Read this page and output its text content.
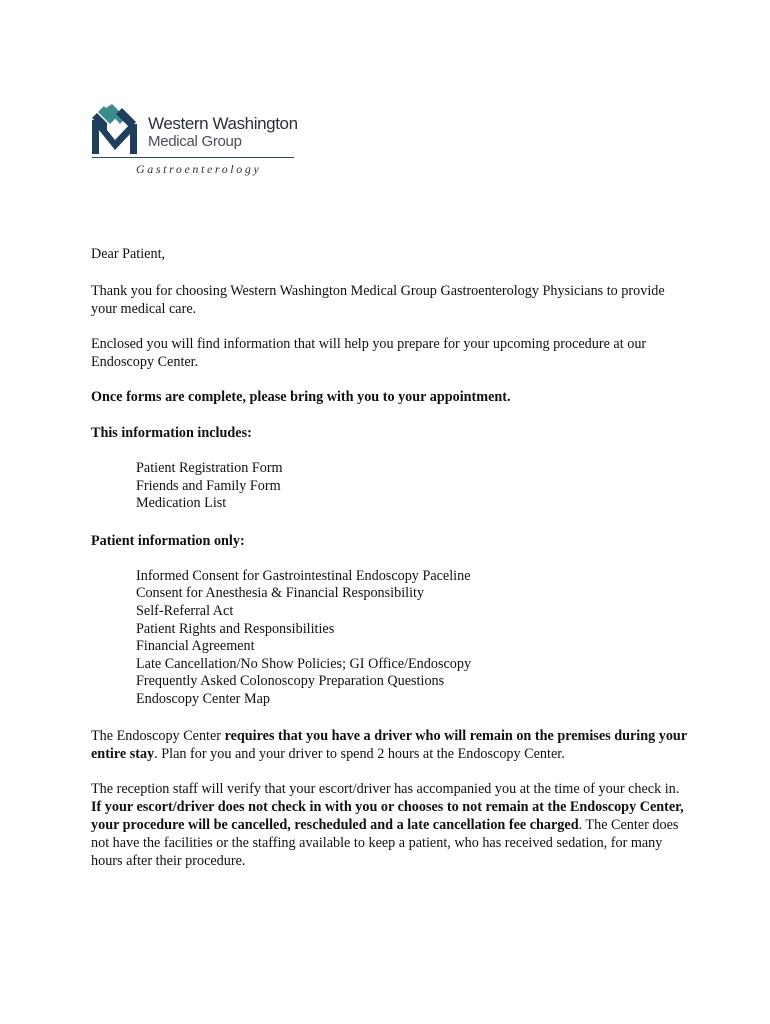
Western Washington
Medical Group
Gastroenterology

Dear Patient,

Thank you for choosing Western Washington Medical Group Gastroenterology Physicians to provide your medical care.

Enclosed you will find information that will help you prepare for your upcoming procedure at our Endoscopy Center.

Once forms are complete, please bring with you to your appointment.

This information includes:

Patient Registration Form
Friends and Family Form
Medication List

Patient information only:

Informed Consent for Gastrointestinal Endoscopy Paceline
Consent for Anesthesia & Financial Responsibility
Self-Referral Act
Patient Rights and Responsibilities
Financial Agreement
Late Cancellation/No Show Policies; GI Office/Endoscopy
Frequently Asked Colonoscopy Preparation Questions
Endoscopy Center Map

The Endoscopy Center requires that you have a driver who will remain on the premises during your entire stay. Plan for you and your driver to spend 2 hours at the Endoscopy Center.

The reception staff will verify that your escort/driver has accompanied you at the time of your check in. If your escort/driver does not check in with you or chooses to not remain at the Endoscopy Center, your procedure will be cancelled, rescheduled and a late cancellation fee charged. The Center does not have the facilities or the staffing available to keep a patient, who has received sedation, for many hours after their procedure.
